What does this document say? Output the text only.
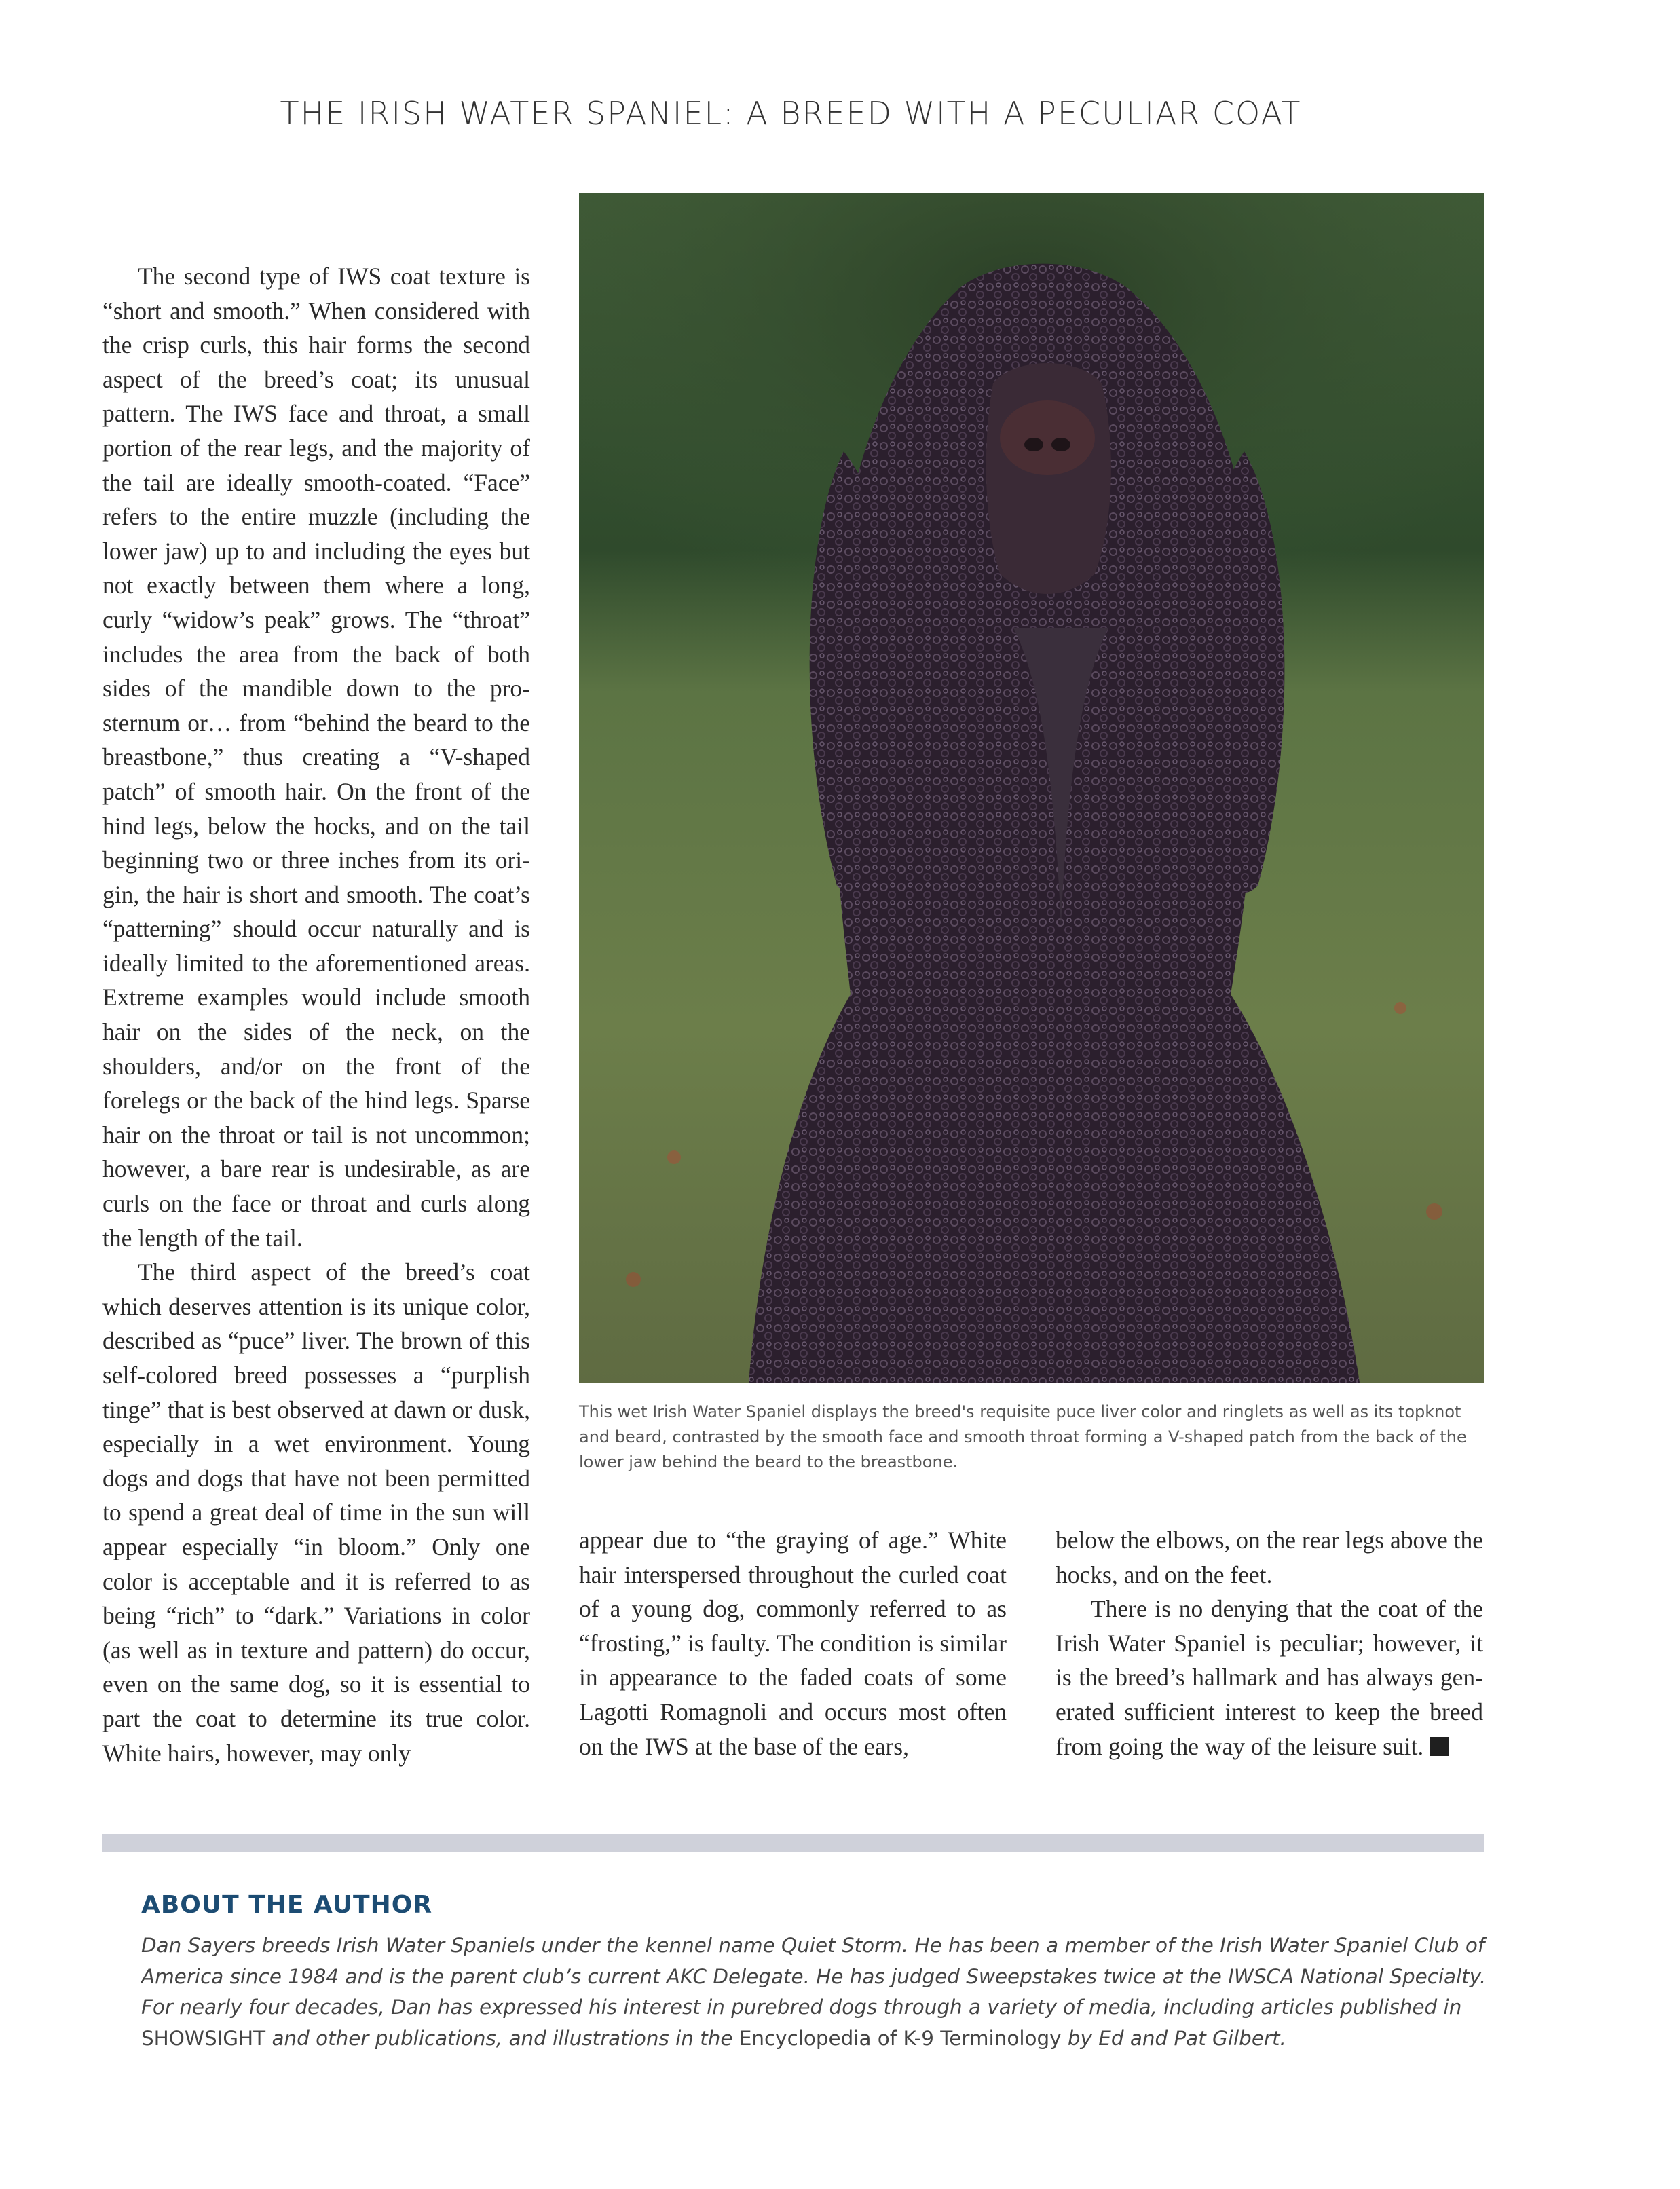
THE IRISH WATER SPANIEL: A BREED WITH A PECULIAR COAT

The second type of IWS coat texture is “short and smooth.” When considered with the crisp curls, this hair forms the second aspect of the breed’s coat; its unusual pattern. The IWS face and throat, a small portion of the rear legs, and the majority of the tail are ideally smooth-coated. “Face” refers to the entire muzzle (including the lower jaw) up to and including the eyes but not exactly between them where a long, curly “widow’s peak” grows. The “throat” includes the area from the back of both sides of the mandible down to the prosternum or… from “behind the beard to the breastbone,” thus creating a “V-shaped patch” of smooth hair. On the front of the hind legs, below the hocks, and on the tail beginning two or three inches from its origin, the hair is short and smooth. The coat’s “patterning” should occur naturally and is ideally limited to the aforementioned areas. Extreme examples would include smooth hair on the sides of the neck, on the shoulders, and/or on the front of the forelegs or the back of the hind legs. Sparse hair on the throat or tail is not uncommon; however, a bare rear is undesirable, as are curls on the face or throat and curls along the length of the tail.

The third aspect of the breed’s coat which deserves attention is its unique color, described as “puce” liver. The brown of this self-colored breed possesses a “purplish tinge” that is best observed at dawn or dusk, especially in a wet environment. Young dogs and dogs that have not been permitted to spend a great deal of time in the sun will appear especially “in bloom.” Only one color is acceptable and it is referred to as being “rich” to “dark.” Variations in color (as well as in texture and pattern) do occur, even on the same dog, so it is essential to part the coat to determine its true color. White hairs, however, may only

This wet Irish Water Spaniel displays the breed's requisite puce liver color and ringlets as well as its topknot and beard, contrasted by the smooth face and smooth throat forming a V-shaped patch from the back of the lower jaw behind the beard to the breastbone.

appear due to “the graying of age.” White hair interspersed throughout the curled coat of a young dog, commonly referred to as “frosting,” is faulty. The condition is similar in appearance to the faded coats of some Lagotti Romagnoli and occurs most often on the IWS at the base of the ears,

below the elbows, on the rear legs above the hocks, and on the feet.

There is no denying that the coat of the Irish Water Spaniel is peculiar; however, it is the breed’s hallmark and has always generated sufficient interest to keep the breed from going the way of the leisure suit.

ABOUT THE AUTHOR
Dan Sayers breeds Irish Water Spaniels under the kennel name Quiet Storm. He has been a member of the Irish Water Spaniel Club of America since 1984 and is the parent club’s current AKC Delegate. He has judged Sweepstakes twice at the IWSCA National Specialty. For nearly four decades, Dan has expressed his interest in purebred dogs through a variety of media, including articles published in SHOWSIGHT and other publications, and illustrations in the Encyclopedia of K-9 Terminology by Ed and Pat Gilbert.
